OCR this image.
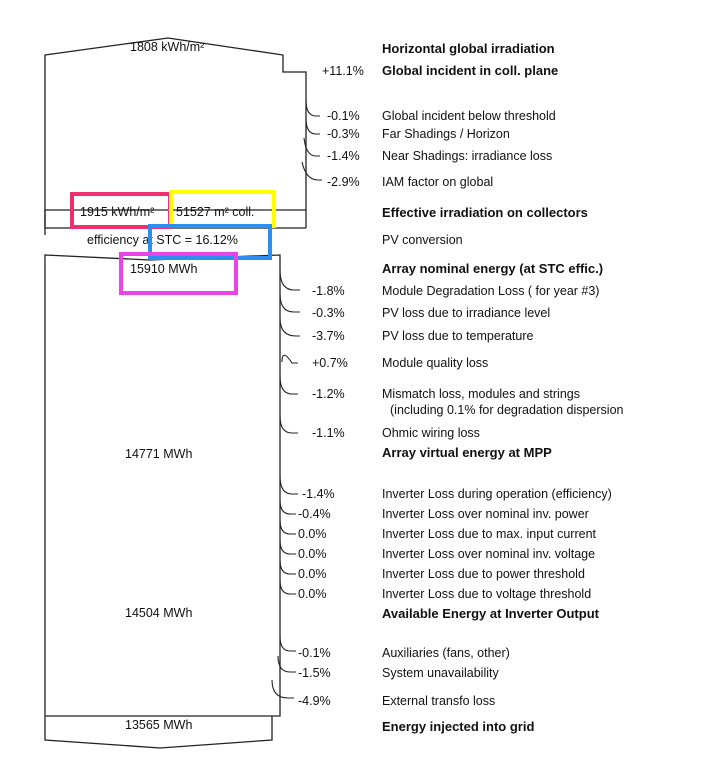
1808 kWh/m²
1915 kWh/m² 51527 m² coll.
efficiency at STC = 16.12%
15910 MWh
14771 MWh
14504 MWh
13565 MWh
Horizontal global irradiation
+11.1% Global incident in coll. plane
-0.1% Global incident below threshold
-0.3% Far Shadings / Horizon
-1.4% Near Shadings: irradiance loss
-2.9% IAM factor on global
Effective irradiation on collectors
PV conversion
Array nominal energy (at STC effic.)
-1.8%	Module Degradation Loss ( for year #3)
-0.3%	PV loss due to irradiance level
-3.7%	PV loss due to temperature
+0.7%	Module quality loss
-1.2%	Mismatch loss, modules and strings
(including 0.1% for degradation dispersion
-1.1%	Ohmic wiring loss
Array virtual energy at MPP
-1.4%	Inverter Loss during operation (efficiency)
-0.4%	Inverter Loss over nominal inv. power
0.0%	Inverter Loss due to max. input current
0.0%	Inverter Loss over nominal inv. voltage
0.0%	Inverter Loss due to power threshold
0.0%	Inverter Loss due to voltage threshold
Available Energy at Inverter Output
-0.1%	Auxiliaries (fans, other)
-1.5%	System unavailability
-4.9%	External transfo loss
Energy injected into grid
